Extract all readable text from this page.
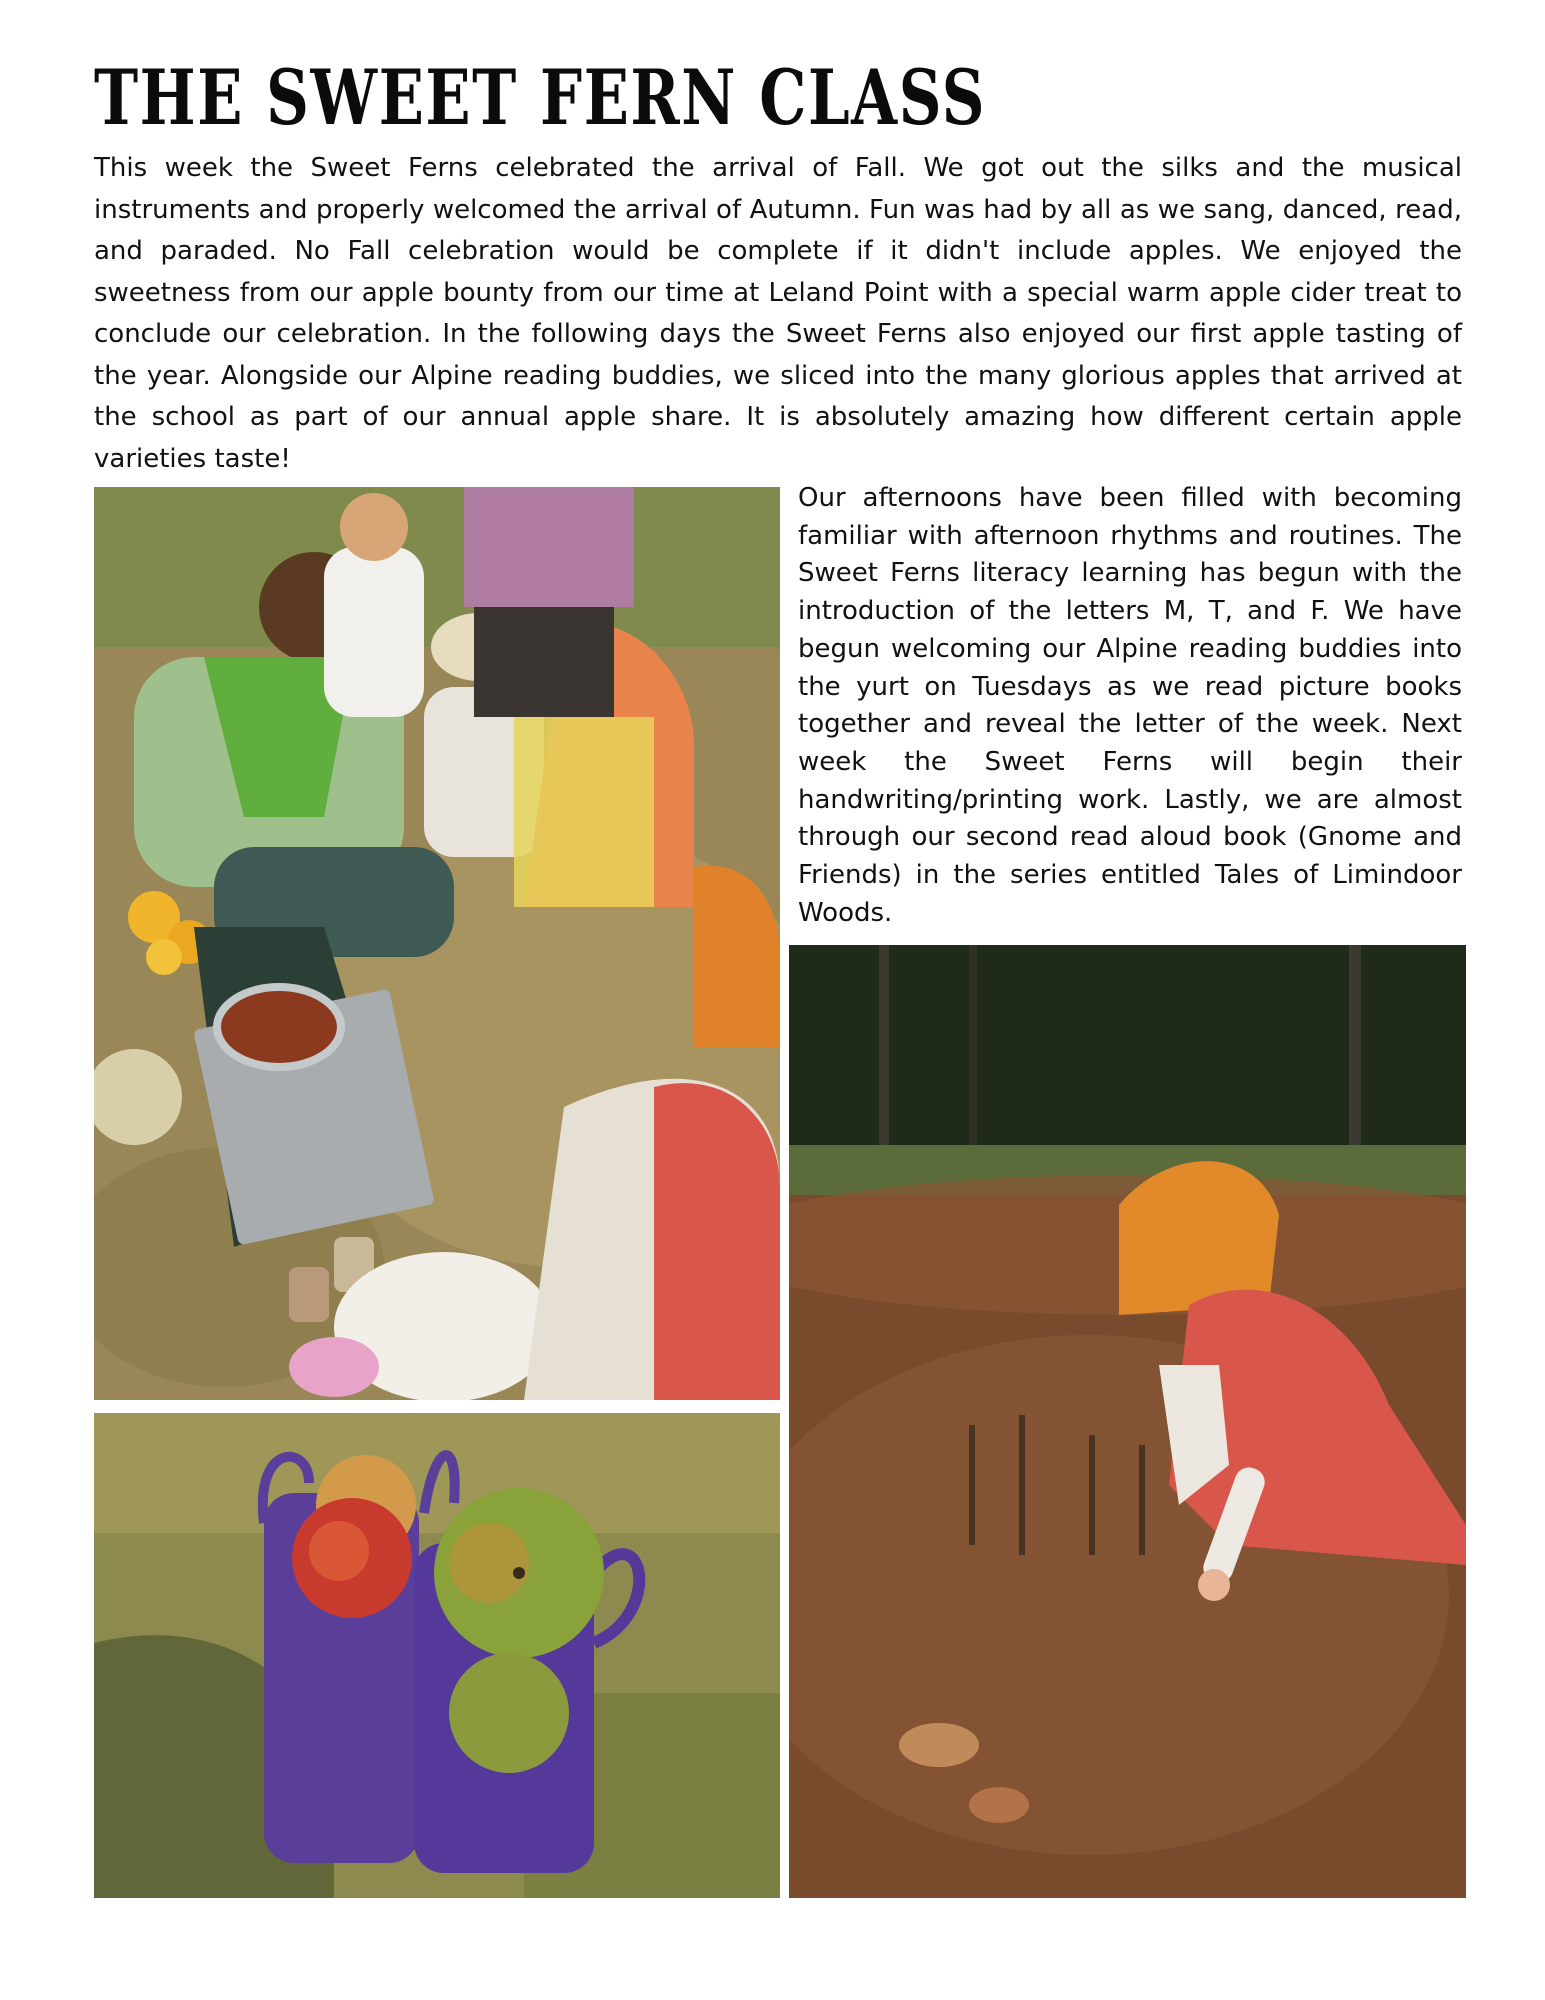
THE SWEET FERN CLASS

This week the Sweet Ferns celebrated the arrival of Fall. We got out the silks and the musical instruments and properly welcomed the arrival of Autumn. Fun was had by all as we sang, danced, read, and paraded. No Fall celebration would be complete if it didn't include apples. We enjoyed the sweetness from our apple bounty from our time at Leland Point with a special warm apple cider treat to conclude our celebration. In the following days the Sweet Ferns also enjoyed our first apple tasting of the year. Alongside our Alpine reading buddies, we sliced into the many glorious apples that arrived at the school as part of our annual apple share. It is absolutely amazing how different certain apple varieties taste!

Our afternoons have been filled with becoming familiar with afternoon rhythms and routines. The Sweet Ferns literacy learning has begun with the introduction of the letters M, T, and F. We have begun welcoming our Alpine reading buddies into the yurt on Tuesdays as we read picture books together and reveal the letter of the week. Next week the Sweet Ferns will begin their handwriting/printing work. Lastly, we are almost through our second read aloud book (Gnome and Friends) in the series entitled Tales of Limindoor Woods.
